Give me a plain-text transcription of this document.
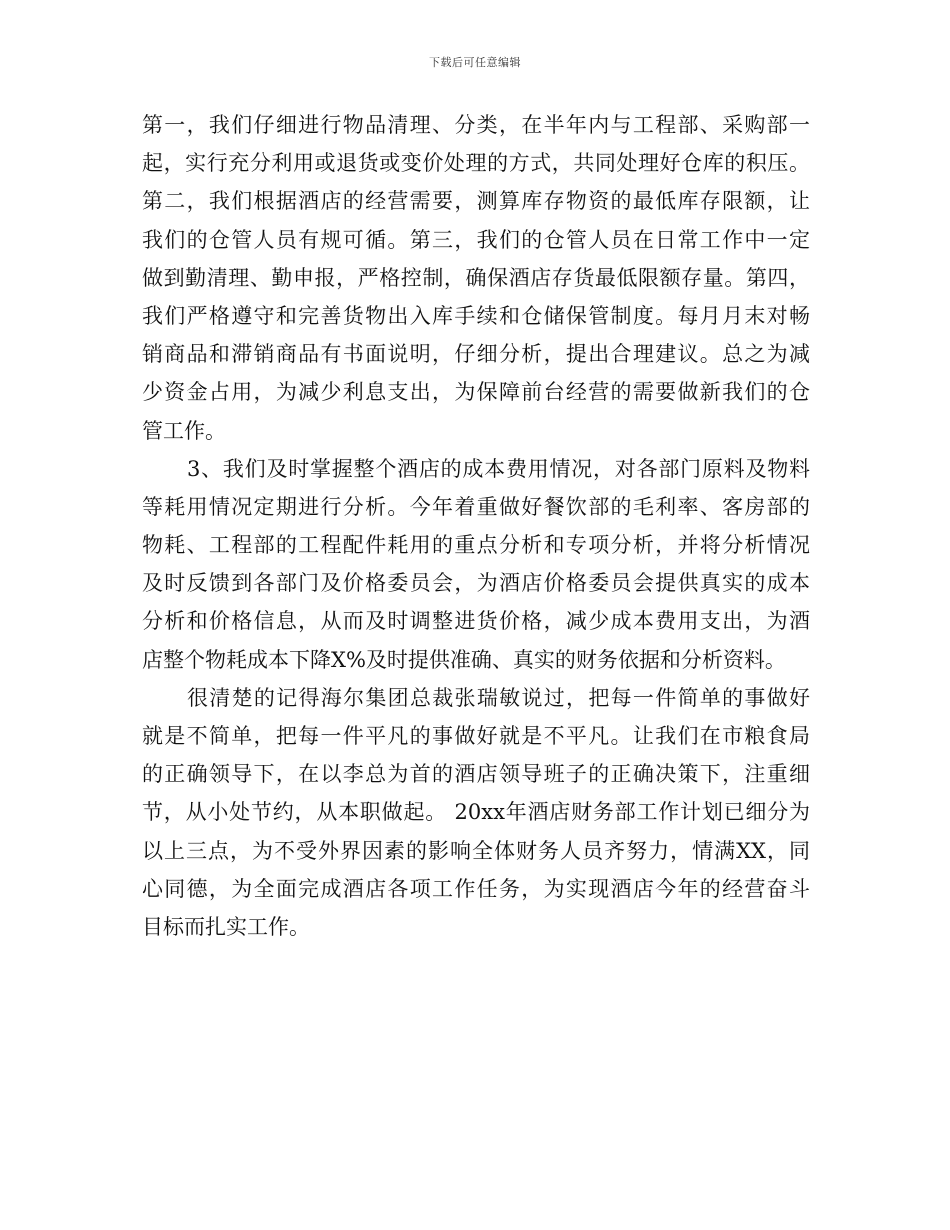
下载后可任意编辑
第一，我们仔细进行物品清理、分类，在半年内与工程部、采购部一
起，实行充分利用或退货或变价处理的方式，共同处理好仓库的积压。
第二，我们根据酒店的经营需要，测算库存物资的最低库存限额，让
我们的仓管人员有规可循。第三，我们的仓管人员在日常工作中一定
做到勤清理、勤申报，严格控制，确保酒店存货最低限额存量。第四，
我们严格遵守和完善货物出入库手续和仓储保管制度。每月月末对畅
销商品和滞销商品有书面说明，仔细分析，提出合理建议。总之为减
少资金占用，为减少利息支出，为保障前台经营的需要做新我们的仓
管工作。
3、我们及时掌握整个酒店的成本费用情况，对各部门原料及物料
等耗用情况定期进行分析。今年着重做好餐饮部的毛利率、客房部的
物耗、工程部的工程配件耗用的重点分析和专项分析，并将分析情况
及时反馈到各部门及价格委员会，为酒店价格委员会提供真实的成本
分析和价格信息，从而及时调整进货价格，减少成本费用支出，为酒
店整个物耗成本下降X%及时提供准确、真实的财务依据和分析资料。
很清楚的记得海尔集团总裁张瑞敏说过，把每一件简单的事做好
就是不简单，把每一件平凡的事做好就是不平凡。让我们在市粮食局
的正确领导下，在以李总为首的酒店领导班子的正确决策下，注重细
节，从小处节约，从本职做起。 20xx年酒店财务部工作计划已细分为
以上三点，为不受外界因素的影响全体财务人员齐努力，情满XX，同
心同德，为全面完成酒店各项工作任务，为实现酒店今年的经营奋斗
目标而扎实工作。
